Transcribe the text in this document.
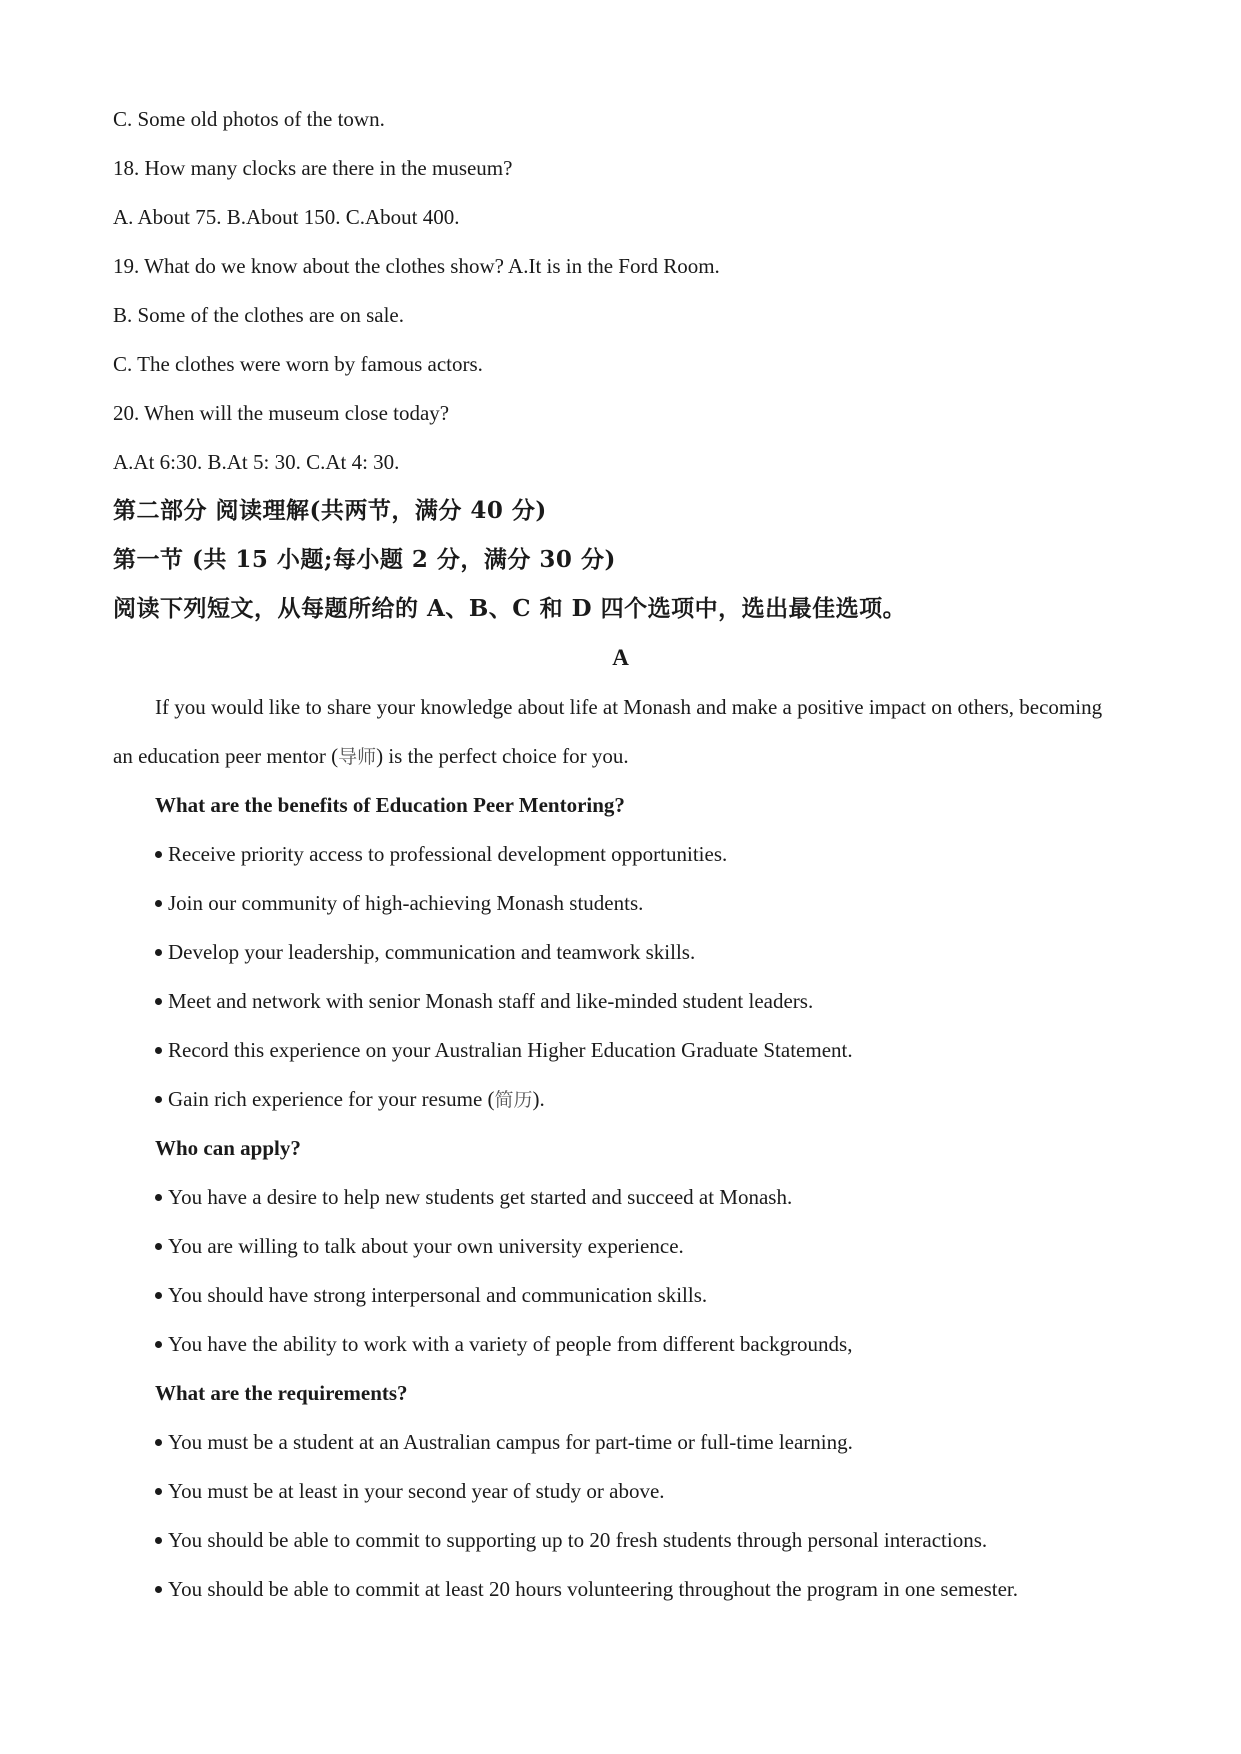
C. Some old photos of the town.
18. How many clocks are there in the museum?
A. About 75. B.About 150. C.About 400.
19. What do we know about the clothes show? A.It is in the Ford Room.
B. Some of the clothes are on sale.
C. The clothes were worn by famous actors.
20. When will the museum close today?
A.At 6:30. B.At 5: 30. C.At 4: 30.
第二部分 阅读理解(共两节，满分 40 分)
第一节 (共 15 小题;每小题 2 分，满分 30 分)
阅读下列短文，从每题所给的 A、B、C 和 D 四个选项中，选出最佳选项。
A
If you would like to share your knowledge about life at Monash and make a positive impact on others, becoming
an education peer mentor (导师) is the perfect choice for you.
What are the benefits of Education Peer Mentoring?
Receive priority access to professional development opportunities.
Join our community of high-achieving Monash students.
Develop your leadership, communication and teamwork skills.
Meet and network with senior Monash staff and like-minded student leaders.
Record this experience on your Australian Higher Education Graduate Statement.
Gain rich experience for your resume (简历).
Who can apply?
You have a desire to help new students get started and succeed at Monash.
You are willing to talk about your own university experience.
You should have strong interpersonal and communication skills.
You have the ability to work with a variety of people from different backgrounds,
What are the requirements?
You must be a student at an Australian campus for part-time or full-time learning.
You must be at least in your second year of study or above.
You should be able to commit to supporting up to 20 fresh students through personal interactions.
You should be able to commit at least 20 hours volunteering throughout the program in one semester.
